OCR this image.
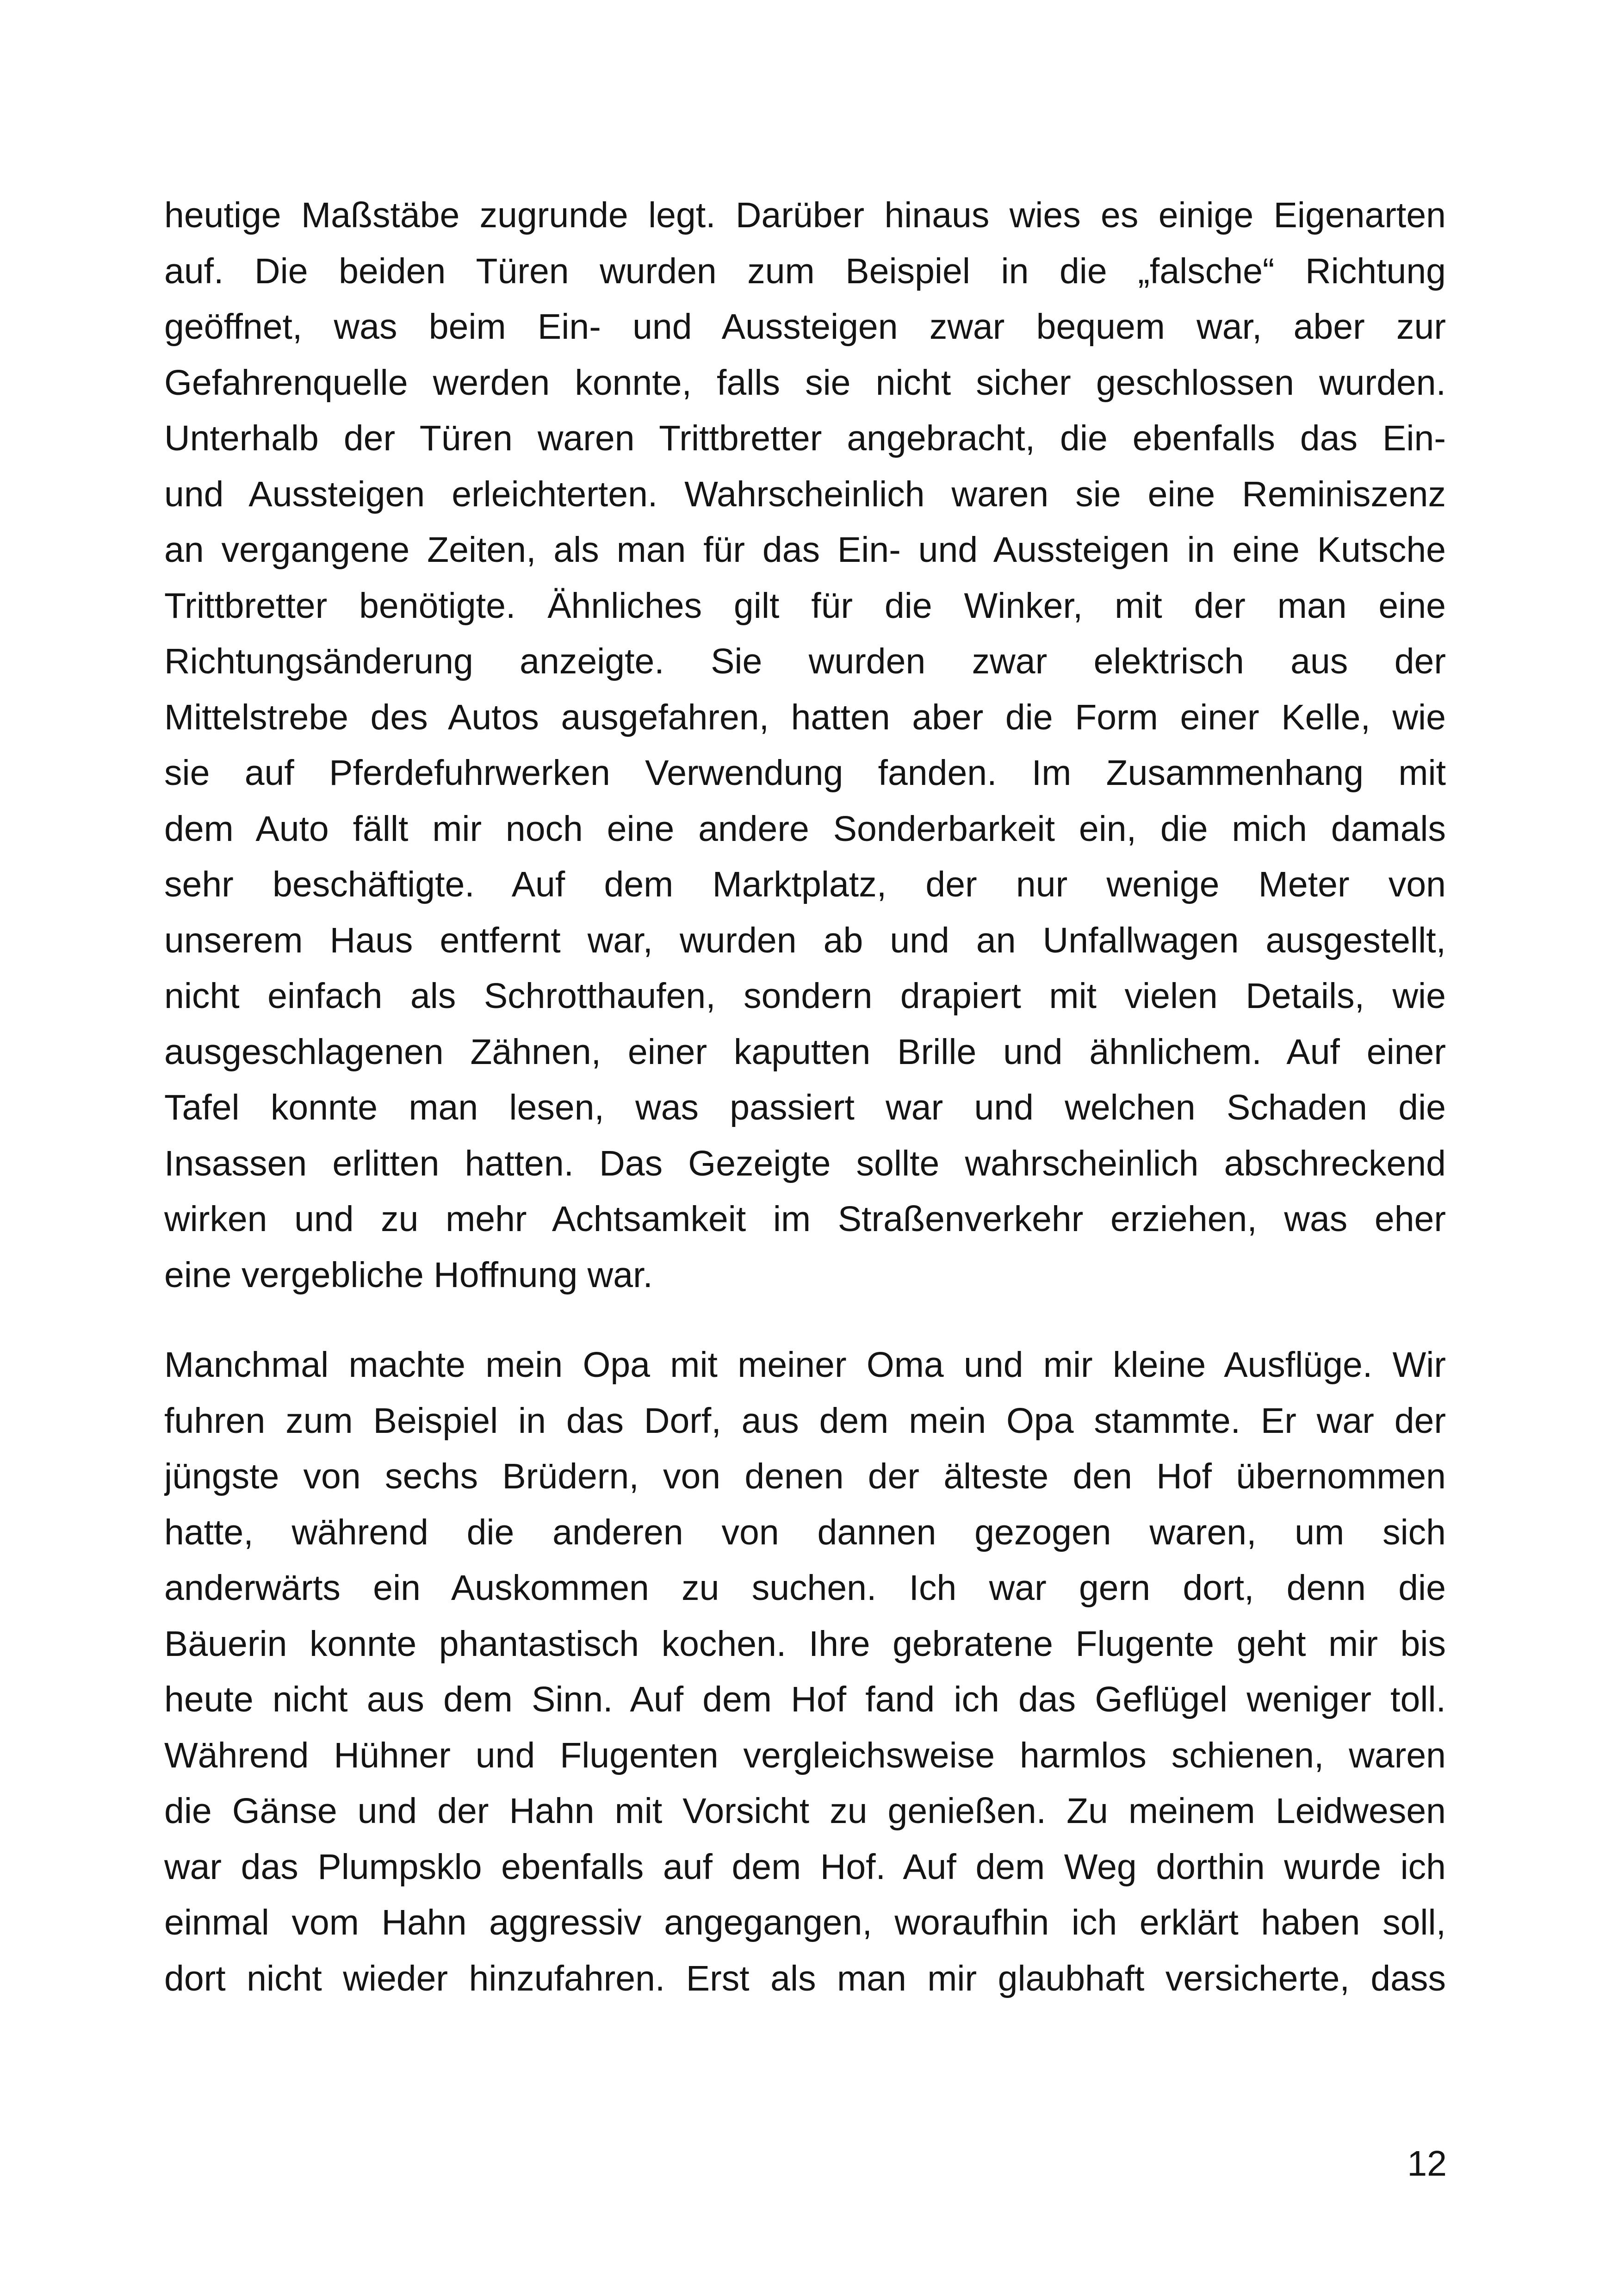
heutige Maßstäbe zugrunde legt. Darüber hinaus wies es einige Eigenarten
auf. Die beiden Türen wurden zum Beispiel in die „falsche“ Richtung
geöffnet, was beim Ein- und Aussteigen zwar bequem war, aber zur
Gefahrenquelle werden konnte, falls sie nicht sicher geschlossen wurden.
Unterhalb der Türen waren Trittbretter angebracht, die ebenfalls das Ein-
und Aussteigen erleichterten. Wahrscheinlich waren sie eine Reminiszenz
an vergangene Zeiten, als man für das Ein- und Aussteigen in eine Kutsche
Trittbretter benötigte. Ähnliches gilt für die Winker, mit der man eine
Richtungsänderung anzeigte. Sie wurden zwar elektrisch aus der
Mittelstrebe des Autos ausgefahren, hatten aber die Form einer Kelle, wie
sie auf Pferdefuhrwerken Verwendung fanden. Im Zusammenhang mit
dem Auto fällt mir noch eine andere Sonderbarkeit ein, die mich damals
sehr beschäftigte. Auf dem Marktplatz, der nur wenige Meter von
unserem Haus entfernt war, wurden ab und an Unfallwagen ausgestellt,
nicht einfach als Schrotthaufen, sondern drapiert mit vielen Details, wie
ausgeschlagenen Zähnen, einer kaputten Brille und ähnlichem. Auf einer
Tafel konnte man lesen, was passiert war und welchen Schaden die
Insassen erlitten hatten. Das Gezeigte sollte wahrscheinlich abschreckend
wirken und zu mehr Achtsamkeit im Straßenverkehr erziehen, was eher
eine vergebliche Hoffnung war.
Manchmal machte mein Opa mit meiner Oma und mir kleine Ausflüge. Wir
fuhren zum Beispiel in das Dorf, aus dem mein Opa stammte. Er war der
jüngste von sechs Brüdern, von denen der älteste den Hof übernommen
hatte, während die anderen von dannen gezogen waren, um sich
anderwärts ein Auskommen zu suchen. Ich war gern dort, denn die
Bäuerin konnte phantastisch kochen. Ihre gebratene Flugente geht mir bis
heute nicht aus dem Sinn. Auf dem Hof fand ich das Geflügel weniger toll.
Während Hühner und Flugenten vergleichsweise harmlos schienen, waren
die Gänse und der Hahn mit Vorsicht zu genießen. Zu meinem Leidwesen
war das Plumpsklo ebenfalls auf dem Hof. Auf dem Weg dorthin wurde ich
einmal vom Hahn aggressiv angegangen, woraufhin ich erklärt haben soll,
dort nicht wieder hinzufahren. Erst als man mir glaubhaft versicherte, dass
12
